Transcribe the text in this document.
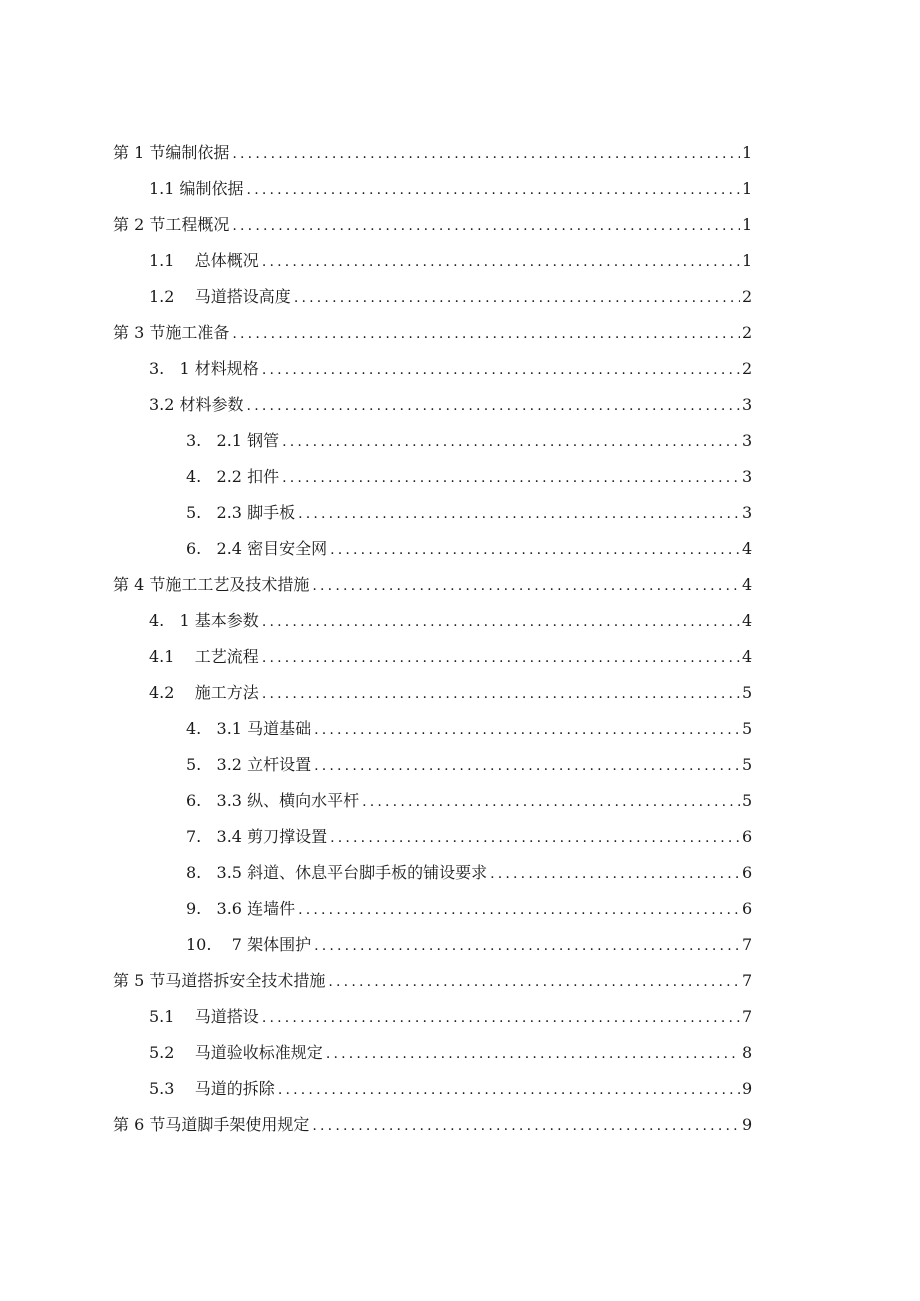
第 1 节 编制依据 .....	1
1.1 编制依据 .....	1
第 2 节 工程概况 .....	1
1.1 总体概况 .....	1
1.2 马道搭设高度 .....	2
第 3 节 施工准备 .....	2
3.   1 材料规格 .....	2
3.2 材料参数 .....	3
3.   2.1 钢管 .....	3
4.   2.2 扣件 .....	3
5.   2.3 脚手板 .....	3
6.   2.4 密目安全网 .....	4
第 4 节 施工工艺及技术措施 .....	4
4.   1 基本参数 .....	4
4.1 工艺流程 .....	4
4.2 施工方法 .....	5
4.   3.1 马道基础 .....	5
5.   3.2 立杆设置 .....	5
6.   3.3 纵、横向水平杆 .....	5
7.   3.4 剪刀撑设置 .....	6
8.   3.5 斜道、休息平台脚手板的铺设要求 .....	6
9.   3.6 连墙件 .....	6
10.    7 架体围护 .....	7
第 5 节 马道搭拆安全技术措施 .....	7
5.1 马道搭设 .....	7
5.2 马道验收标准规定 .....	8
5.3 马道的拆除 .....	9
第 6 节 马道脚手架使用规定 .....	9
